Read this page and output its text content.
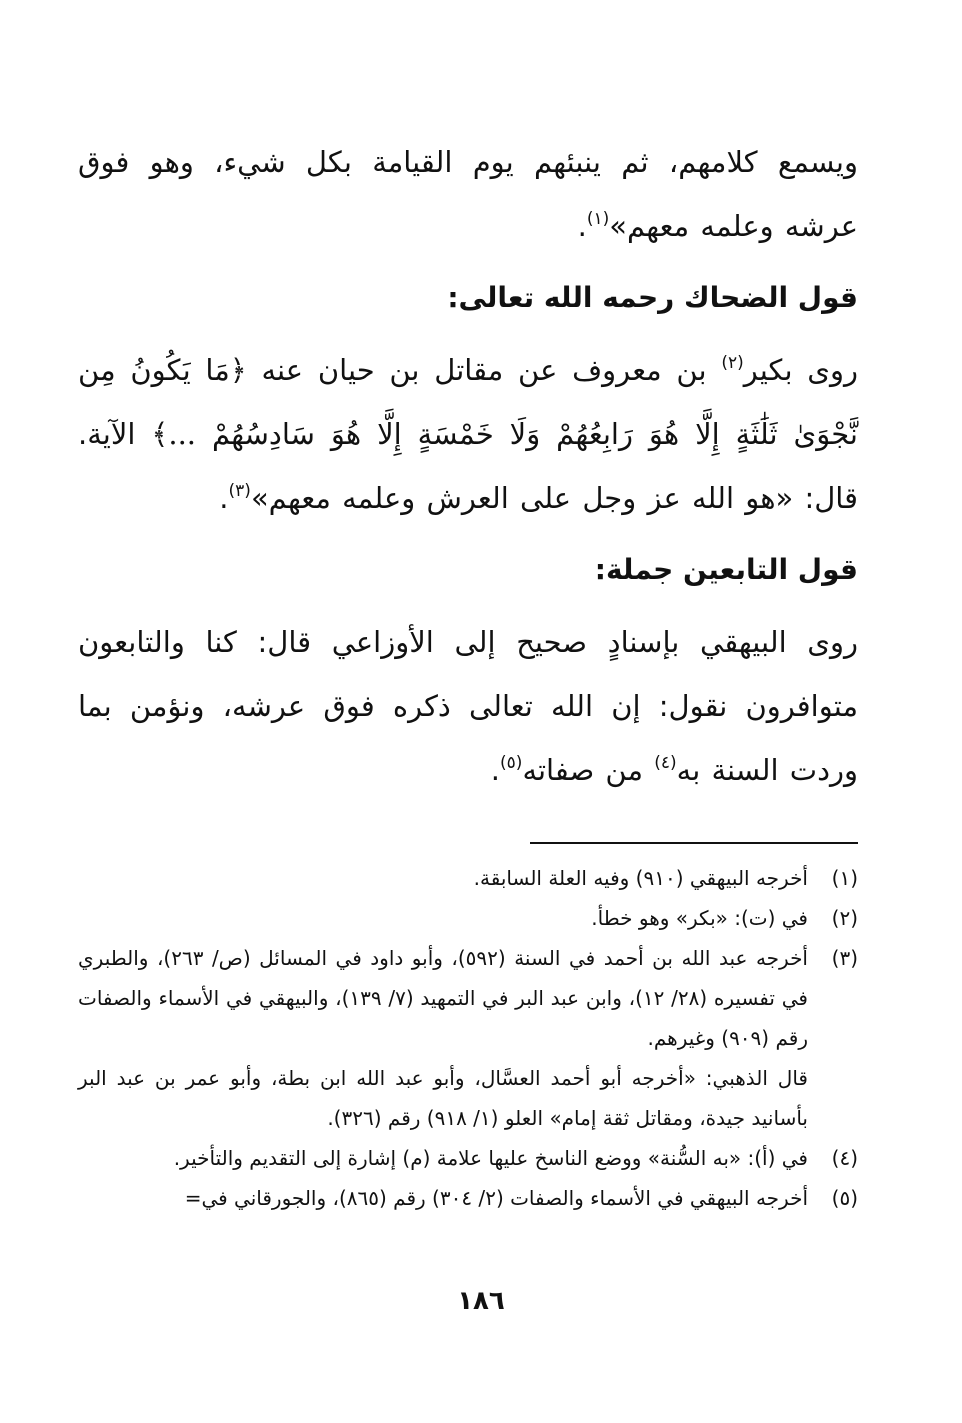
ويسمع كلامهم، ثم ينبئهم يوم القيامة بكل شيء، وهو فوق عرشه وعلمه معهم»$^{(١)}$.

قول الضحاك رحمه الله تعالى:

روى بكير$^{(٢)}$ بن معروف عن مقاتل بن حيان عنه ﴿مَا يَكُونُ مِن نَّجْوَىٰ ثَلَٰثَةٍ إِلَّا هُوَ رَابِعُهُمْ وَلَا خَمْسَةٍ إِلَّا هُوَ سَادِسُهُمْ ...﴾ الآية. قال: «هو الله عز وجل على العرش وعلمه معهم»$^{(٣)}$.

قول التابعين جملة:

روى البيهقي بإسنادٍ صحيح إلى الأوزاعي قال: كنا والتابعون متوافرون نقول: إن الله تعالى ذكره فوق عرشه، ونؤمن بما وردت السنة به$^{(٤)}$ من صفاته$^{(٥)}$.

(١)
أخرجه البيهقي (٩١٠) وفيه العلة السابقة.
(٢)
في (ت): «بكر» وهو خطأ.
(٣)
أخرجه عبد الله بن أحمد في السنة (٥٩٢)، وأبو داود في المسائل (ص/ ٢٦٣)، والطبري في تفسيره (٢٨/ ١٢)، وابن عبد البر في التمهيد (٧/ ١٣٩)، والبيهقي في الأسماء والصفات رقم (٩٠٩) وغيرهم.
قال الذهبي: «أخرجه أبو أحمد العسَّال، وأبو عبد الله ابن بطة، وأبو عمر بن عبد البر بأسانيد جيدة، ومقاتل ثقة إمام» العلو (١/ ٩١٨) رقم (٣٢٦).
(٤)
في (أ): «به السُّنة» ووضع الناسخ عليها علامة (م) إشارة إلى التقديم والتأخير.
(٥)
أخرجه البيهقي في الأسماء والصفات (٢/ ٣٠٤) رقم (٨٦٥)، والجورقاني في=
١٨٦
